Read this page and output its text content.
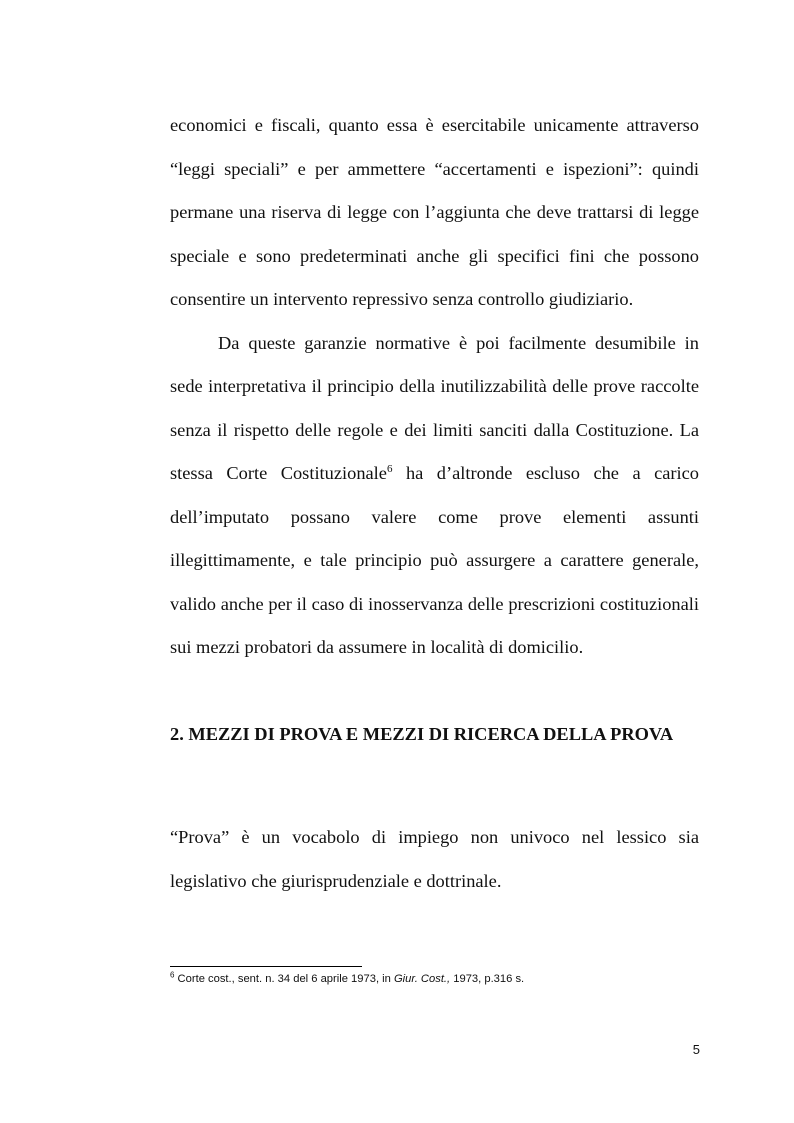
economici e fiscali, quanto essa è esercitabile unicamente attraverso “leggi speciali” e per ammettere “accertamenti e ispezioni”: quindi permane una riserva di legge con l’aggiunta che deve trattarsi di legge speciale e sono predeterminati anche gli specifici fini che possono consentire un intervento repressivo senza controllo giudiziario.

Da queste garanzie normative è poi facilmente desumibile in sede interpretativa il principio della inutilizzabilità delle prove raccolte senza il rispetto delle regole e dei limiti sanciti dalla Costituzione. La stessa Corte Costituzionale$^6$ ha d’altronde escluso che a carico dell’imputato possano valere come prove elementi assunti illegittimamente, e tale principio può assurgere a carattere generale, valido anche per il caso di inosservanza delle prescrizioni costituzionali sui mezzi probatori da assumere in località di domicilio.

2. MEZZI DI PROVA E MEZZI DI RICERCA DELLA PROVA

“Prova” è un vocabolo di impiego non univoco nel lessico sia legislativo che giurisprudenziale e dottrinale.

$^6$ Corte cost., sent. n. 34 del 6 aprile 1973, in Giur. Cost., 1973, p.316 s.
5
